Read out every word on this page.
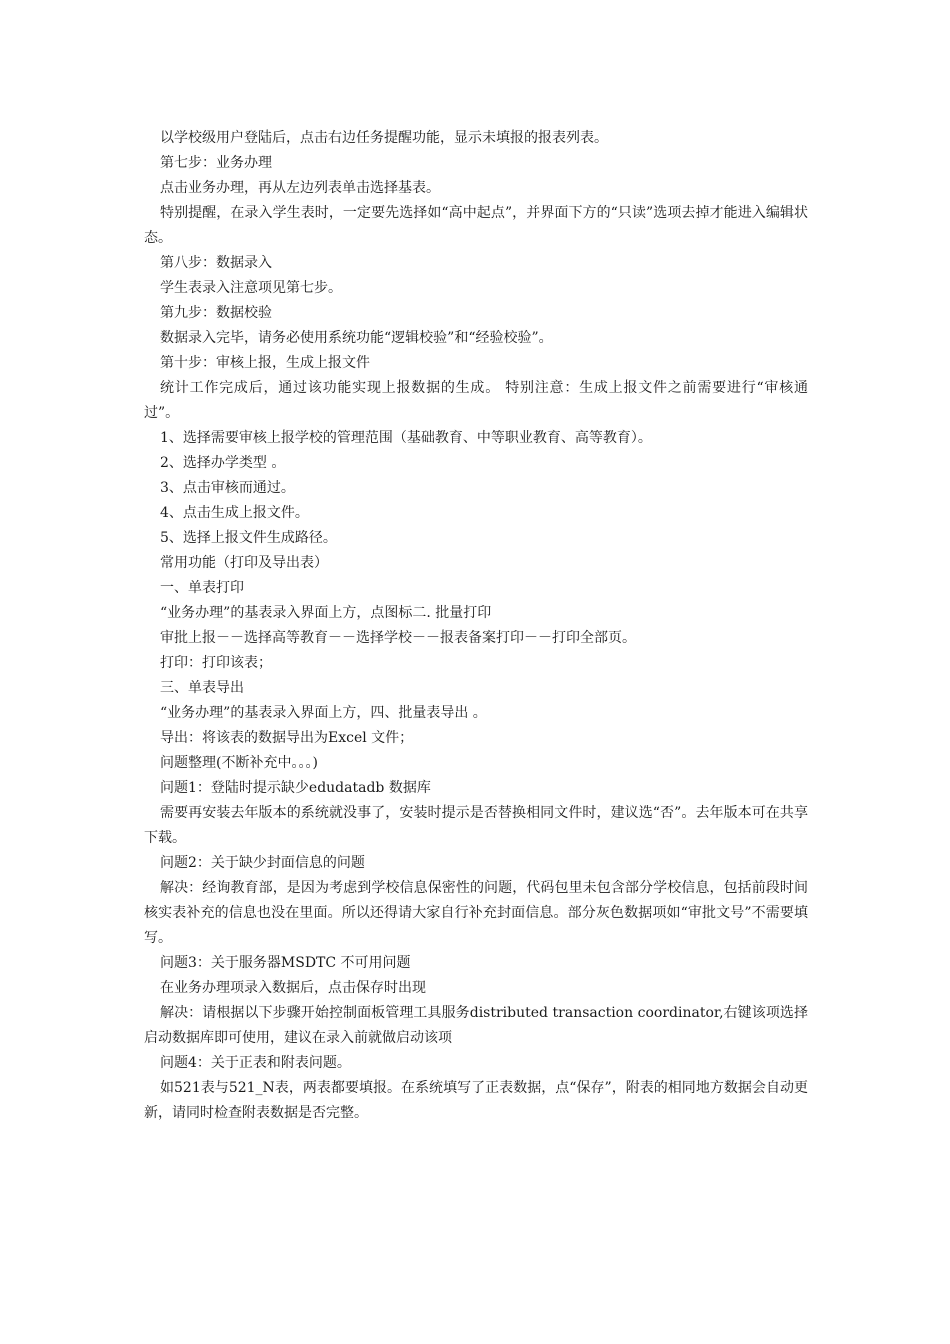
以学校级用户登陆后，点击右边任务提醒功能，显示未填报的报表列表。

第七步：业务办理

点击业务办理，再从左边列表单击选择基表。

特别提醒，在录入学生表时，一定要先选择如“高中起点”，并界面下方的“只读”选项去掉才能进入编辑状态。

第八步：数据录入

学生表录入注意项见第七步。

第九步：数据校验

数据录入完毕，请务必使用系统功能“逻辑校验”和“经验校验”。

第十步：审核上报，生成上报文件

统计工作完成后，通过该功能实现上报数据的生成。 特别注意：生成上报文件之前需要进行“审核通过”。

1、选择需要审核上报学校的管理范围（基础教育、中等职业教育、高等教育）。

2、选择办学类型 。

3、点击审核而通过。

4、点击生成上报文件。

5、选择上报文件生成路径。

常用功能（打印及导出表）

一、单表打印

“业务办理”的基表录入界面上方，点图标二. 批量打印

审批上报－－选择高等教育－－选择学校－－报表备案打印－－打印全部页。

打印：打印该表；

三、单表导出

“业务办理”的基表录入界面上方，四、批量表导出 。

导出：将该表的数据导出为Excel 文件；

问题整理(不断补充中。。。)

问题1：登陆时提示缺少edudatadb 数据库

需要再安装去年版本的系统就没事了，安装时提示是否替换相同文件时，建议选“否”。去年版本可在共享下载。

问题2：关于缺少封面信息的问题

解决：经询教育部，是因为考虑到学校信息保密性的问题，代码包里未包含部分学校信息，包括前段时间核实表补充的信息也没在里面。所以还得请大家自行补充封面信息。部分灰色数据项如“审批文号”不需要填写。

问题3：关于服务器MSDTC 不可用问题

在业务办理项录入数据后，点击保存时出现

解决：请根据以下步骤开始控制面板管理工具服务distributed transaction coordinator,右键该项选择启动数据库即可使用，建议在录入前就做启动该项

问题4：关于正表和附表问题。

如521表与521_N表，两表都要填报。在系统填写了正表数据，点“保存”，附表的相同地方数据会自动更新，请同时检查附表数据是否完整。
